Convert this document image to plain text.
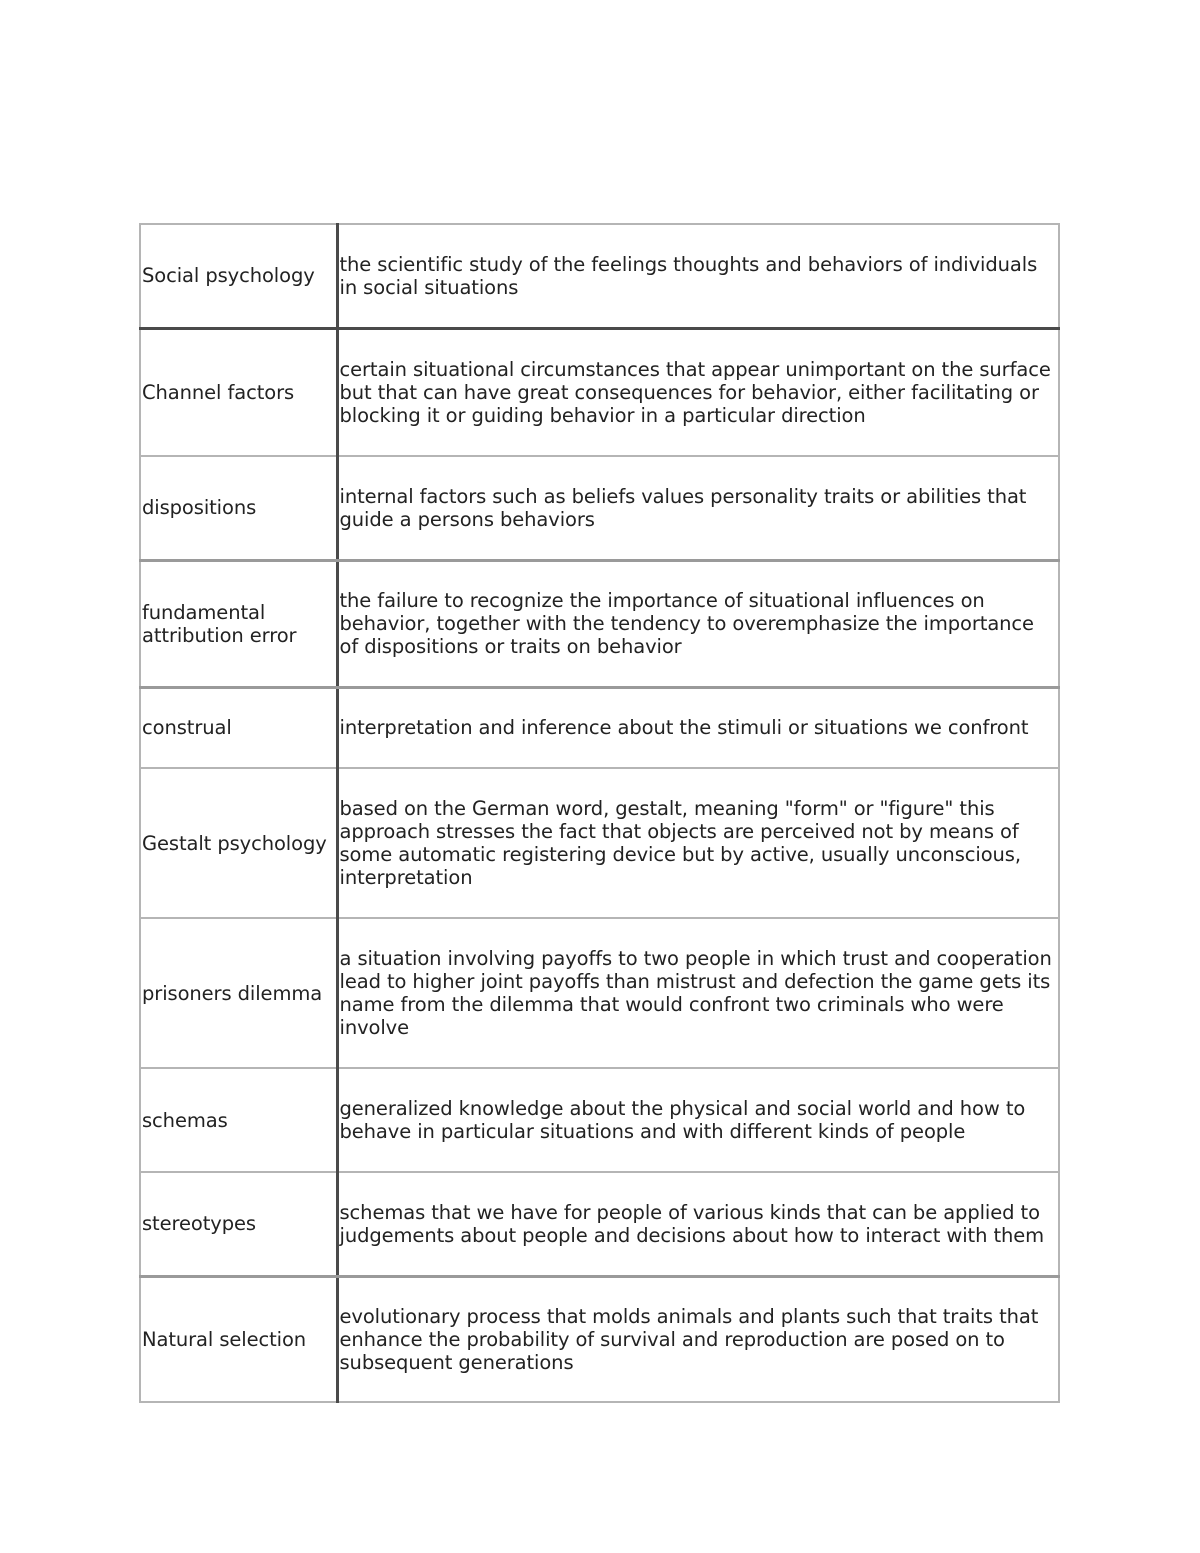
Social psychology	the scientific study of the feelings thoughts and behaviors of individuals in social situations

Channel factors	certain situational circumstances that appear unimportant on the surface but that can have great consequences for behavior, either facilitating or blocking it or guiding behavior in a particular direction

dispositions	internal factors such as beliefs values personality traits or abilities that guide a persons behaviors

fundamental attribution error	the failure to recognize the importance of situational influences on behavior, together with the tendency to overemphasize the importance of dispositions or traits on behavior

construal	interpretation and inference about the stimuli or situations we confront

Gestalt psychology	based on the German word, gestalt, meaning "form" or "figure" this approach stresses the fact that objects are perceived not by means of some automatic registering device but by active, usually unconscious, interpretation

prisoners dilemma	a situation involving payoffs to two people in which trust and cooperation lead to higher joint payoffs than mistrust and defection the game gets its name from the dilemma that would confront two criminals who were involve

schemas	generalized knowledge about the physical and social world and how to behave in particular situations and with different kinds of people

stereotypes	schemas that we have for people of various kinds that can be applied to judgements about people and decisions about how to interact with them

Natural selection	evolutionary process that molds animals and plants such that traits that enhance the probability of survival and reproduction are posed on to subsequent generations
